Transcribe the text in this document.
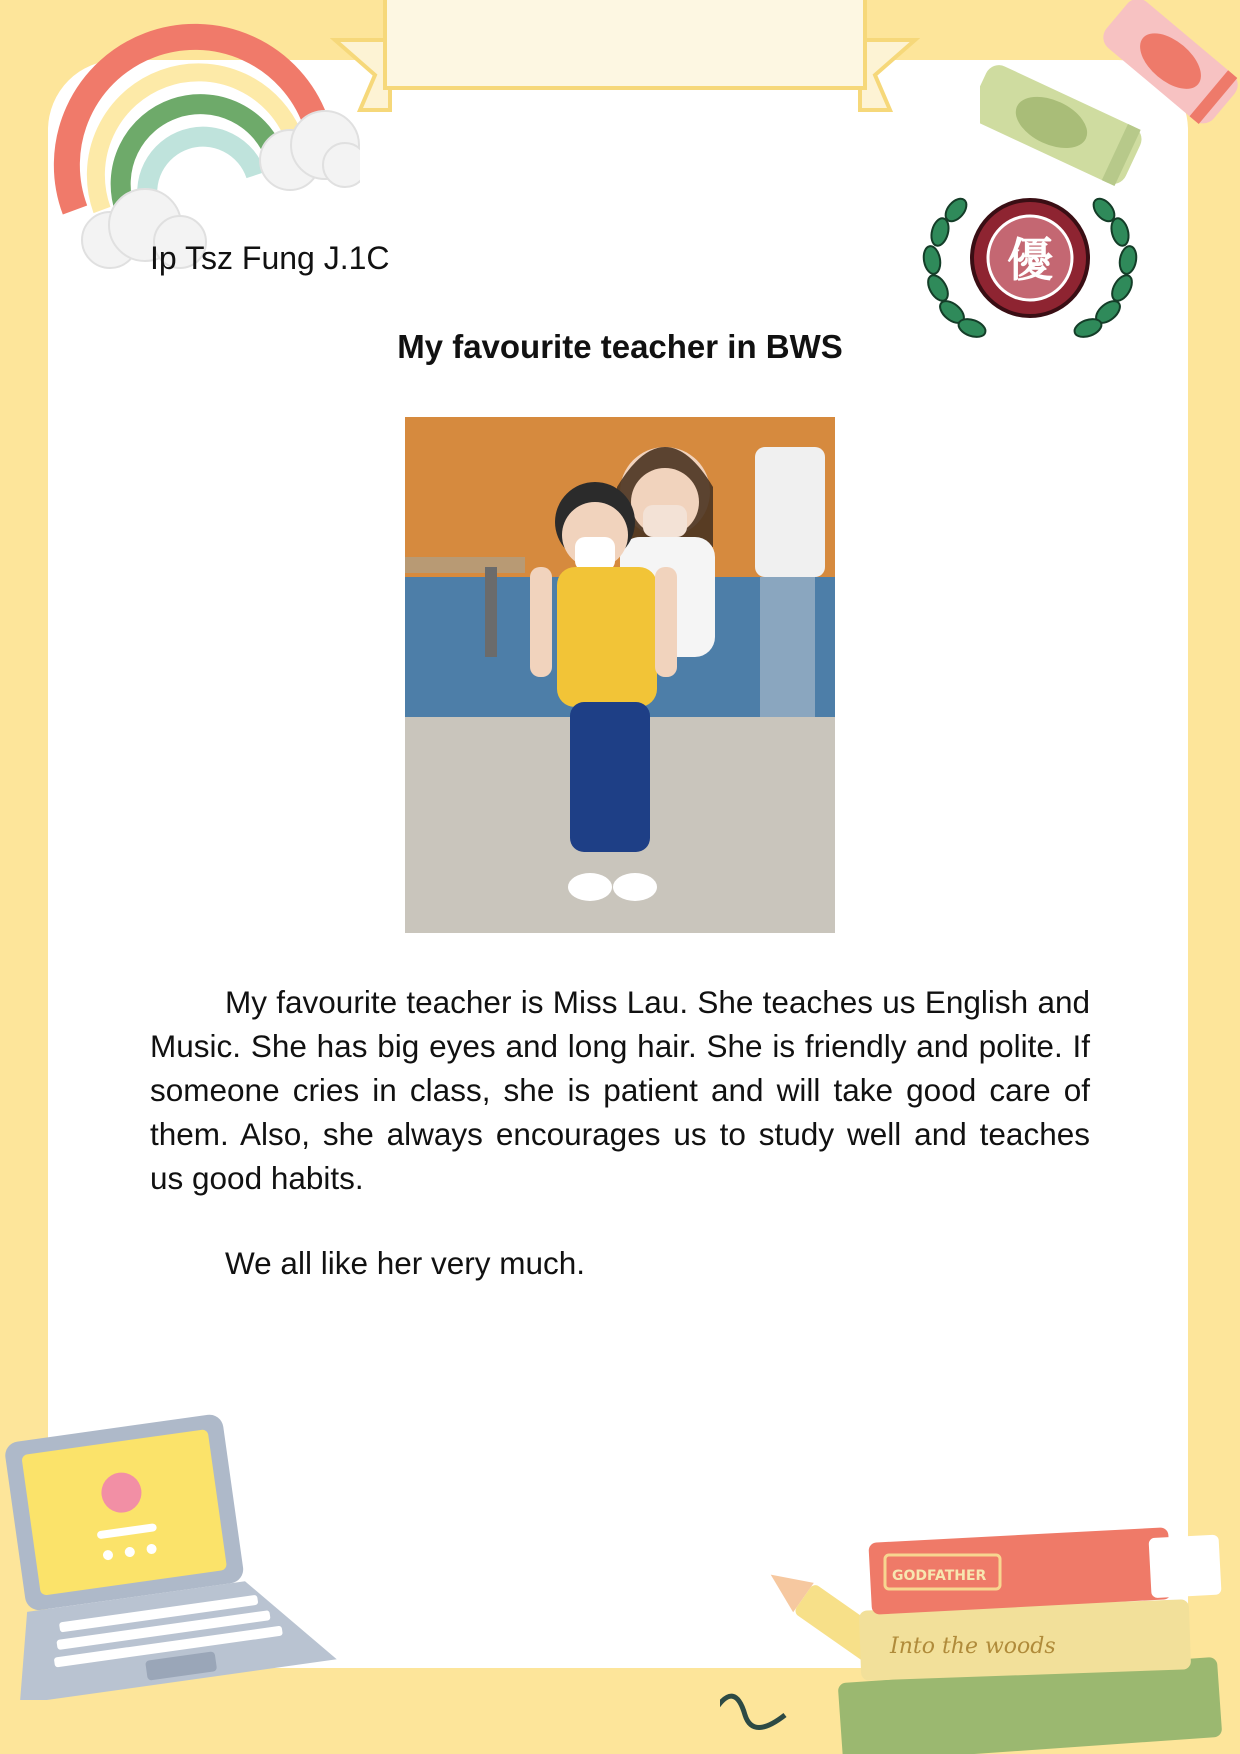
優
Into the woods
GODFATHER
Ip Tsz Fung J.1C
My favourite teacher in BWS

My favourite teacher is Miss Lau. She teaches us English and Music. She has big eyes and long hair. She is friendly and polite. If someone cries in class, she is patient and will take good care of them. Also, she always encourages us to study well and teaches us good habits.

We all like her very much.
